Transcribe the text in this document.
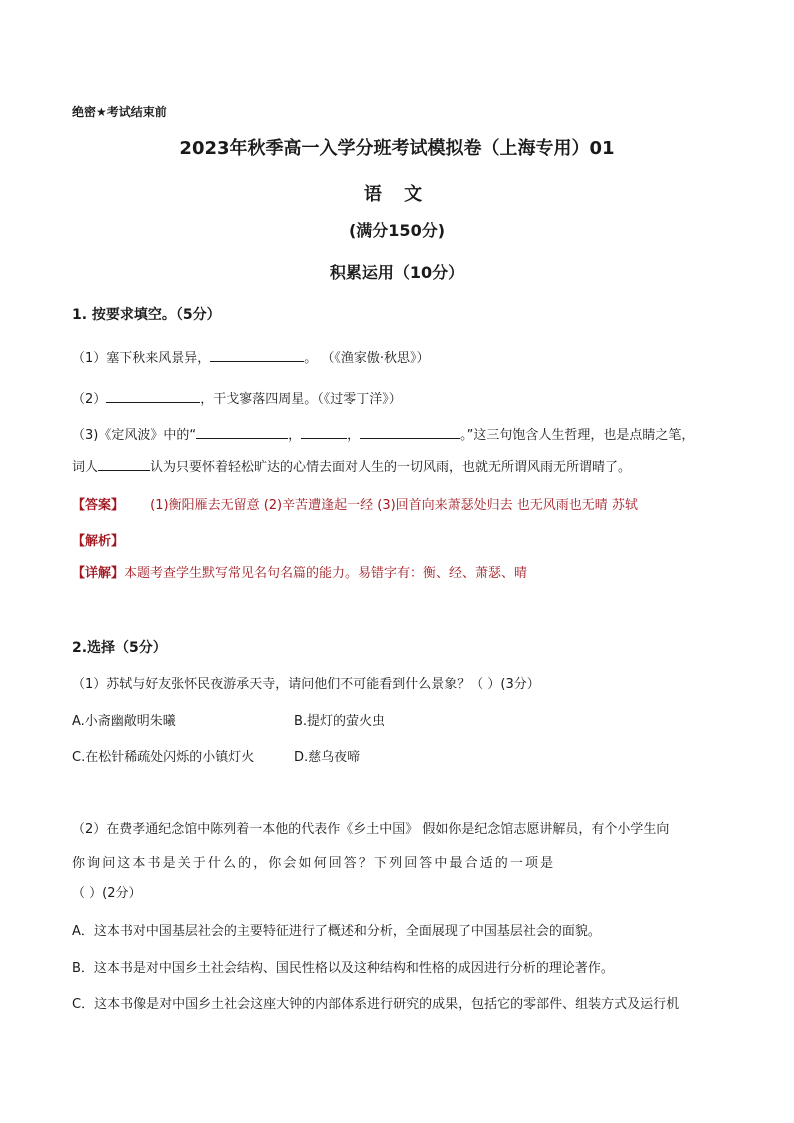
绝密★考试结束前
2023年秋季高一入学分班考试模拟卷（上海专用）01
语 文
(满分150分)
积累运用（10分）
1. 按要求填空。（5分）
（1）塞下秋来风景异，	。 （《渔家傲·秋思》）
（2）	，干戈寥落四周星。（《过零丁洋》）
（3)《定风波》中的“	，	，	。”这三句饱含人生哲理，也是点睛之笔，
词人	认为只要怀着轻松旷达的心情去面对人生的一切风雨，也就无所谓风雨无所谓晴了。
【答案】 (1)衡阳雁去无留意 (2)辛苦遭逢起一经 (3)回首向来萧瑟处归去 也无风雨也无晴 苏轼
【解析】
【详解】本题考查学生默写常见名句名篇的能力。易错字有：衡、经、萧瑟、晴
2.选择（5分）
（1）苏轼与好友张怀民夜游承天寺，请问他们不可能看到什么景象？（ ）(3分）
A.小斋幽敞明朱曦	B.提灯的萤火虫
C.在松针稀疏处闪烁的小镇灯火	D.慈乌夜啼
（2）在费孝通纪念馆中陈列着一本他的代表作《乡土中国》 假如你是纪念馆志愿讲解员，有个小学生向
你询问这本书是关于什么的，你会如何回答？下列回答中最合适的一项是
（ ）(2分）
A．这本书对中国基层社会的主要特征进行了概述和分析，全面展现了中国基层社会的面貌。
B．这本书是对中国乡土社会结构、国民性格以及这种结构和性格的成因进行分析的理论著作。
C．这本书像是对中国乡土社会这座大钟的内部体系进行研究的成果，包括它的零部件、组装方式及运行机
